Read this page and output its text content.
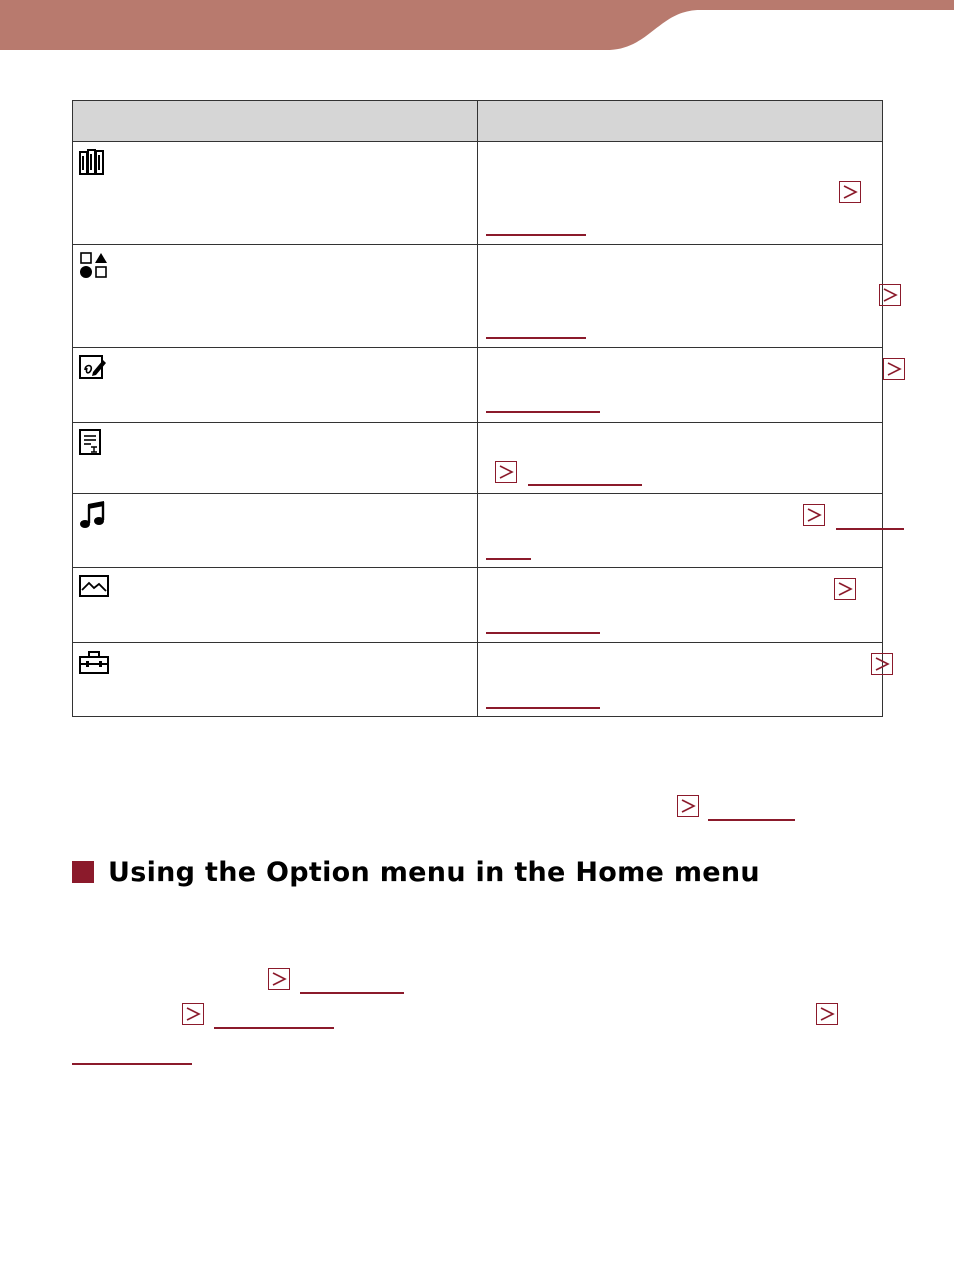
Using the Option menu in the Home menu
